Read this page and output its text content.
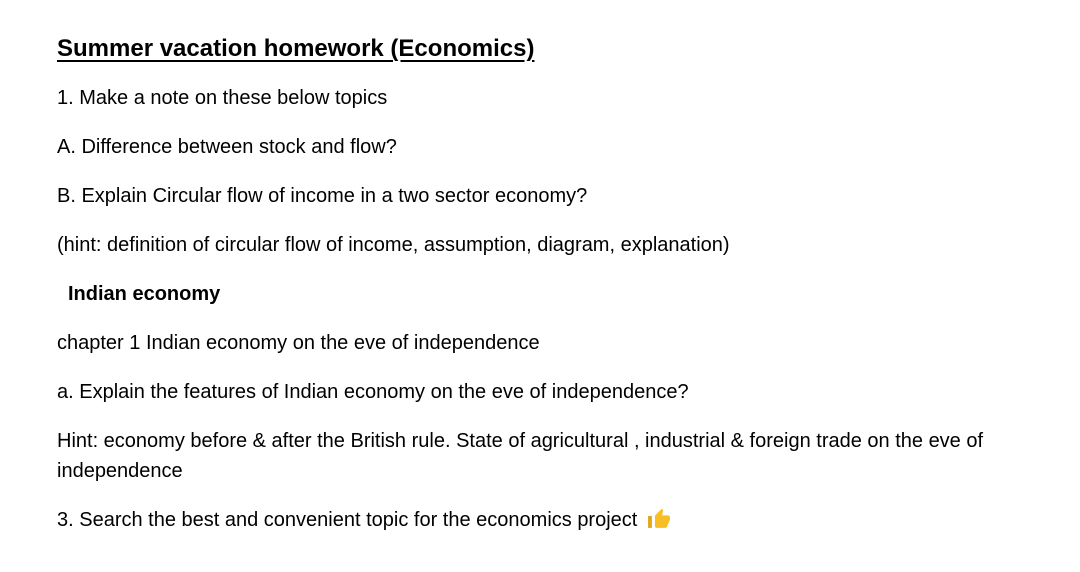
Summer vacation homework (Economics)

1. Make a note on these below topics

A. Difference between stock and flow?

B. Explain Circular flow of income in a two sector economy?

(hint: definition of circular flow of income, assumption, diagram, explanation)

Indian economy

chapter 1 Indian economy on the eve of independence

a. Explain the features of Indian economy on the eve of independence?

Hint: economy before & after the British rule. State of agricultural , industrial & foreign trade on the eve of independence

3. Search the best and convenient topic for the economics project
